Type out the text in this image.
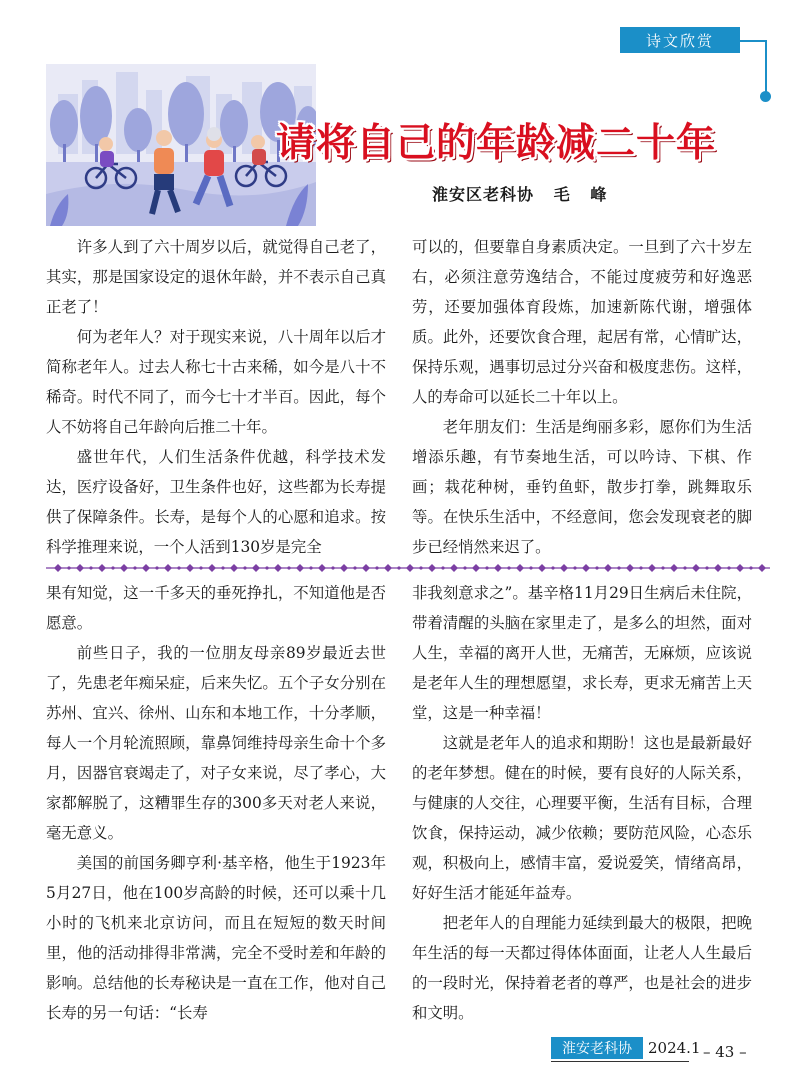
诗文欣赏
请将自己的年龄减二十年
淮安区老科协   毛   峰

许多人到了六十周岁以后，就觉得自己老了，其实，那是国家设定的退休年龄，并不表示自己真正老了！

何为老年人？对于现实来说，八十周年以后才简称老年人。过去人称七十古来稀，如今是八十不稀奇。时代不同了，而今七十才半百。因此，每个人不妨将自己年龄向后推二十年。

盛世年代，人们生活条件优越，科学技术发达，医疗设备好，卫生条件也好，这些都为长寿提供了保障条件。长寿，是每个人的心愿和追求。按科学推理来说，一个人活到130岁是完全

可以的，但要靠自身素质决定。一旦到了六十岁左右，必须注意劳逸结合，不能过度疲劳和好逸恶劳，还要加强体育段炼，加速新陈代谢，增强体质。此外，还要饮食合理，起居有常，心情旷达，保持乐观，遇事切忌过分兴奋和极度悲伤。这样，人的寿命可以延长二十年以上。

老年朋友们：生活是绚丽多彩，愿你们为生活增添乐趣，有节奏地生活，可以吟诗、下棋、作画；栽花种树，垂钓鱼虾，散步打拳，跳舞取乐等。在快乐生活中，不经意间，您会发现衰老的脚步已经悄然来迟了。

果有知觉，这一千多天的垂死挣扎，不知道他是否愿意。

前些日子，我的一位朋友母亲89岁最近去世了，先患老年痴呆症，后来失忆。五个子女分别在苏州、宜兴、徐州、山东和本地工作，十分孝顺，每人一个月轮流照顾，靠鼻饲维持母亲生命十个多月，因器官衰竭走了，对子女来说，尽了孝心，大家都解脱了，这糟罪生存的300多天对老人来说，毫无意义。

美国的前国务卿亨利·基辛格，他生于1923年5月27日，他在100岁高龄的时候，还可以乘十几小时的飞机来北京访问，而且在短短的数天时间里，他的活动排得非常满，完全不受时差和年龄的影响。总结他的长寿秘诀是一直在工作，他对自己长寿的另一句话：“长寿

非我刻意求之”。基辛格11月29日生病后未住院，带着清醒的头脑在家里走了，是多么的坦然，面对人生，幸福的离开人世，无痛苦，无麻烦，应该说是老年人生的理想愿望，求长寿，更求无痛苦上天堂，这是一种幸福！

这就是老年人的追求和期盼！这也是最新最好的老年梦想。健在的时候，要有良好的人际关系，与健康的人交往，心理要平衡，生活有目标，合理饮食，保持运动，减少依赖；要防范风险，心态乐观，积极向上，感情丰富，爱说爱笑，情绪高昂，好好生活才能延年益寿。

把老年人的自理能力延续到最大的极限，把晚年生活的每一天都过得体体面面，让老人人生最后的一段时光，保持着老者的尊严，也是社会的进步和文明。

淮安老科协	2024.1 – 43 –
